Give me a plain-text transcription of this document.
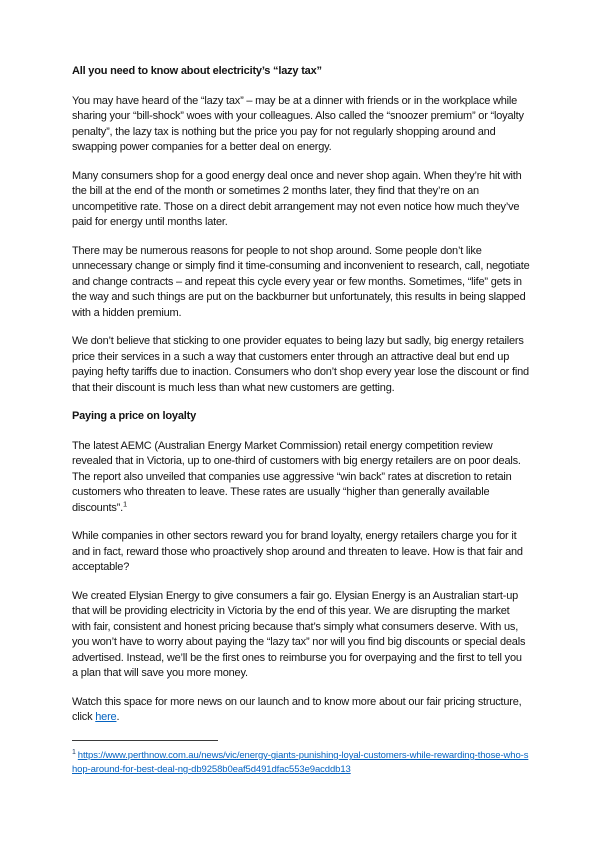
All you need to know about electricity’s “lazy tax”

You may have heard of the “lazy tax” – may be at a dinner with friends or in the workplace while sharing your “bill-shock” woes with your colleagues. Also called the “snoozer premium” or “loyalty penalty”, the lazy tax is nothing but the price you pay for not regularly shopping around and swapping power companies for a better deal on energy.

Many consumers shop for a good energy deal once and never shop again. When they’re hit with the bill at the end of the month or sometimes 2 months later, they find that they’re on an uncompetitive rate. Those on a direct debit arrangement may not even notice how much they’ve paid for energy until months later.

There may be numerous reasons for people to not shop around. Some people don’t like unnecessary change or simply find it time-consuming and inconvenient to research, call, negotiate and change contracts – and repeat this cycle every year or few months. Sometimes, “life” gets in the way and such things are put on the backburner but unfortunately, this results in being slapped with a hidden premium.

We don’t believe that sticking to one provider equates to being lazy but sadly, big energy retailers price their services in a such a way that customers enter through an attractive deal but end up paying hefty tariffs due to inaction. Consumers who don’t shop every year lose the discount or find that their discount is much less than what new customers are getting.

Paying a price on loyalty

The latest AEMC (Australian Energy Market Commission) retail energy competition review revealed that in Victoria, up to one-third of customers with big energy retailers are on poor deals. The report also unveiled that companies use aggressive “win back” rates at discretion to retain customers who threaten to leave. These rates are usually “higher than generally available discounts”.$^1$

While companies in other sectors reward you for brand loyalty, energy retailers charge you for it and in fact, reward those who proactively shop around and threaten to leave. How is that fair and acceptable?

We created Elysian Energy to give consumers a fair go. Elysian Energy is an Australian start-up that will be providing electricity in Victoria by the end of this year. We are disrupting the market with fair, consistent and honest pricing because that’s simply what consumers deserve. With us, you won’t have to worry about paying the “lazy tax” nor will you find big discounts or special deals advertised. Instead, we’ll be the first ones to reimburse you for overpaying and the first to tell you a plan that will save you more money.

Watch this space for more news on our launch and to know more about our fair pricing structure, click here.

$^1$ https://www.perthnow.com.au/news/vic/energy-giants-punishing-loyal-customers-while-rewarding-those-who-shop-around-for-best-deal-ng-db9258b0eaf5d491dfac553e9acddb13
